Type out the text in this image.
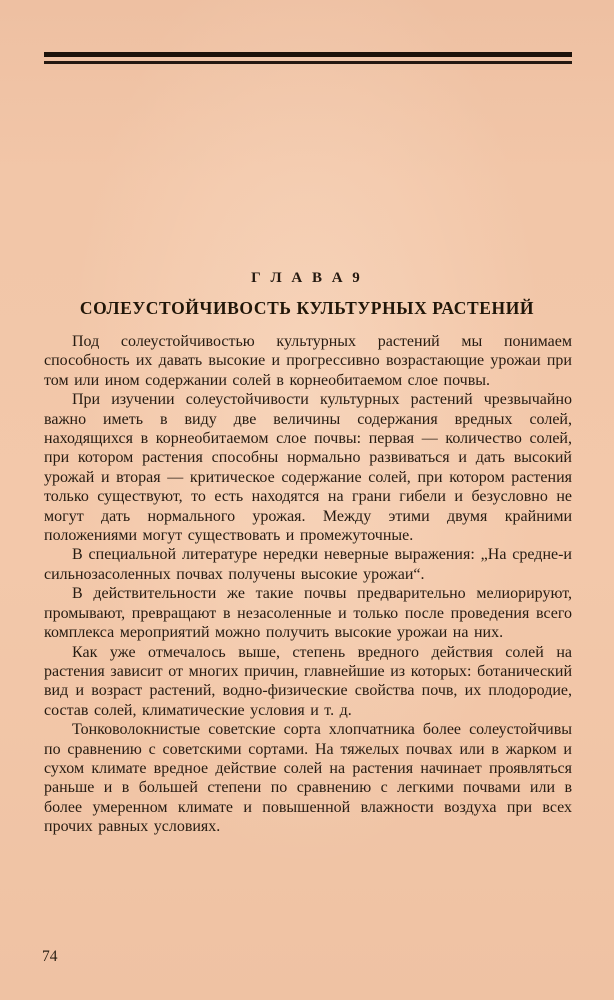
Г Л А В А 9
СОЛЕУСТОЙЧИВОСТЬ КУЛЬТУРНЫХ РАСТЕНИЙ

Под солеустойчивостью культурных растений мы понимаем способность их давать высокие и прогрессивно возрастающие урожаи при том или ином содержании солей в корнеобитаемом слое почвы.

При изучении солеустойчивости культурных растений чрезвычайно важно иметь в виду две величины содержания вредных солей, находящихся в корнеобитаемом слое почвы: первая — количество солей, при котором растения способны нормально развиваться и дать высокий урожай и вторая — критическое содержание солей, при котором растения только существуют, то есть находятся на грани гибели и безусловно не могут дать нормального урожая. Между этими двумя крайними положениями могут существовать и промежуточные.

В специальной литературе нередки неверные выражения: „На средне-и сильнозасоленных почвах получены высокие урожаи“.

В действительности же такие почвы предварительно мелиорируют, промывают, превращают в незасоленные и только после проведения всего комплекса мероприятий можно получить высокие урожаи на них.

Как уже отмечалось выше, степень вредного действия солей на растения зависит от многих причин, главнейшие из которых: ботанический вид и возраст растений, водно-физические свойства почв, их плодородие, состав солей, климатические условия и т. д.

Тонковолокнистые советские сорта хлопчатника более солеустойчивы по сравнению с советскими сортами. На тяжелых почвах или в жарком и сухом климате вредное действие солей на растения начинает проявляться раньше и в большей степени по сравнению с легкими почвами или в более умеренном климате и повышенной влажности воздуха при всех прочих равных условиях.

74
